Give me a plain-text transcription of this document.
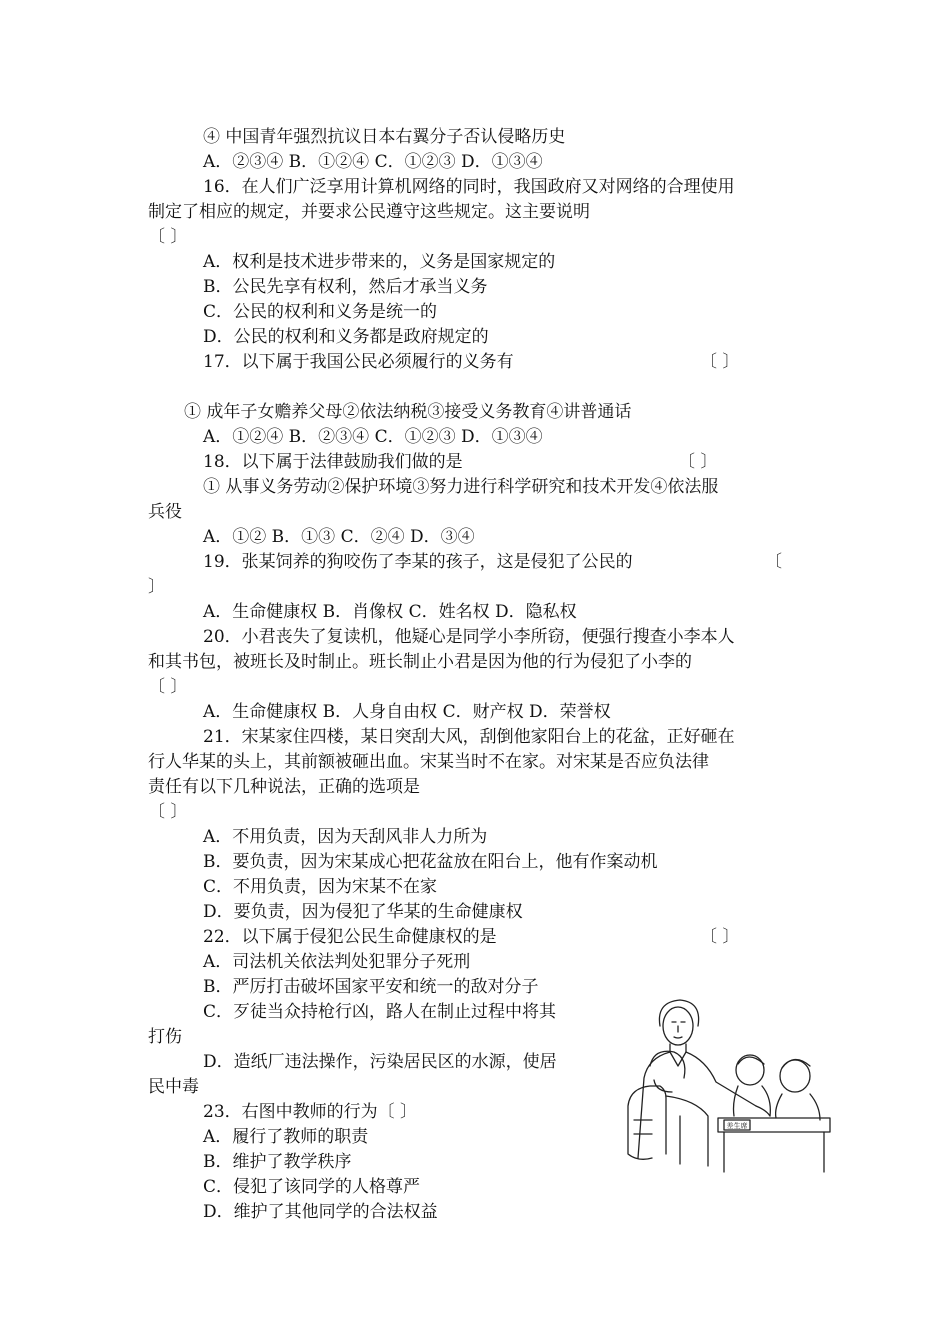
④ 中国青年强烈抗议日本右翼分子否认侵略历史
A．②③④ B．①②④ C．①②③ D．①③④
16．在人们广泛享用计算机网络的同时，我国政府又对网络的合理使用
制定了相应的规定，并要求公民遵守这些规定。这主要说明
〔 〕
A．权利是技术进步带来的，义务是国家规定的
B．公民先享有权利，然后才承当义务
C．公民的权利和义务是统一的
D．公民的权利和义务都是政府规定的
17．以下属于我国公民必须履行的义务有	〔 〕
① 成年子女赡养父母②依法纳税③接受义务教育④讲普通话
A．①②④ B．②③④ C．①②③ D．①③④
18．以下属于法律鼓励我们做的是	〔 〕
① 从事义务劳动②保护环境③努力进行科学研究和技术开发④依法服
兵役
A．①② B．①③ C．②④ D．③④
19．张某饲养的狗咬伤了李某的孩子，这是侵犯了公民的	〔
〕
A．生命健康权 B．肖像权 C．姓名权 D．隐私权
20．小君丧失了复读机，他疑心是同学小李所窃，便强行搜查小李本人
和其书包，被班长及时制止。班长制止小君是因为他的行为侵犯了小李的
〔 〕
A．生命健康权 B．人身自由权 C．财产权 D．荣誉权
21．宋某家住四楼，某日突刮大风，刮倒他家阳台上的花盆，正好砸在
行人华某的头上，其前额被砸出血。宋某当时不在家。对宋某是否应负法律
责任有以下几种说法，正确的选项是
〔 〕
A．不用负责，因为天刮风非人力所为
B．要负责，因为宋某成心把花盆放在阳台上，他有作案动机
C．不用负责，因为宋某不在家
D．要负责，因为侵犯了华某的生命健康权
22．以下属于侵犯公民生命健康权的是	〔 〕
A．司法机关依法判处犯罪分子死刑
B．严厉打击破坏国家平安和统一的敌对分子
C．歹徒当众持枪行凶，路人在制止过程中将其
打伤
D．造纸厂违法操作，污染居民区的水源，使居
民中毒
23．右图中教师的行为〔 〕
A．履行了教师的职责
B．维护了教学秩序
C．侵犯了该同学的人格尊严
D．维护了其他同学的合法权益
差生席
